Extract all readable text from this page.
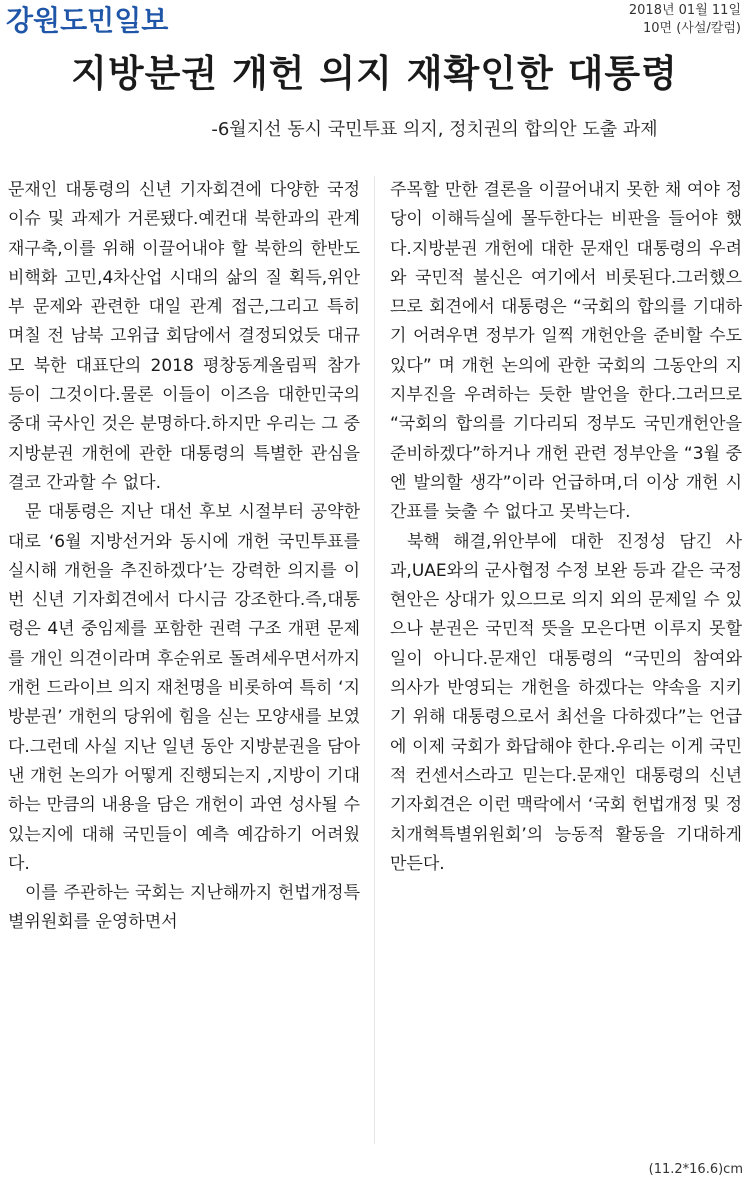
강원도민일보	2018년 01월 11일
10면 (사설/칼럼)
지방분권 개헌 의지 재확인한 대통령
-6월지선 동시 국민투표 의지, 정치권의 합의안 도출 과제

문재인 대통령의 신년 기자회견에 다양한 국정 이슈 및 과제가 거론됐다.예컨대 북한과의 관계 재구축,이를 위해 이끌어내야 할 북한의 한반도 비핵화 고민,4차산업 시대의 삶의 질 획득,위안부 문제와 관련한 대일 관계 접근,그리고 특히 며칠 전 남북 고위급 회담에서 결정되었듯 대규모 북한 대표단의 2018 평창동계올림픽 참가 등이 그것이다.물론 이들이 이즈음 대한민국의 중대 국사인 것은 분명하다.하지만 우리는 그 중 지방분권 개헌에 관한 대통령의 특별한 관심을 결코 간과할 수 없다.

문 대통령은 지난 대선 후보 시절부터 공약한 대로 ‘6월 지방선거와 동시에 개헌 국민투표를 실시해 개헌을 추진하겠다’는 강력한 의지를 이번 신년 기자회견에서 다시금 강조한다.즉,대통령은 4년 중임제를 포함한 권력 구조 개편 문제를 개인 의견이라며 후순위로 돌려세우면서까지 개헌 드라이브 의지 재천명을 비롯하여 특히 ‘지방분권’ 개헌의 당위에 힘을 싣는 모양새를 보였다.그런데 사실 지난 일년 동안 지방분권을 담아낸 개헌 논의가 어떻게 진행되는지 ,지방이 기대하는 만큼의 내용을 담은 개헌이 과연 성사될 수 있는지에 대해 국민들이 예측 예감하기 어려웠다.

이를 주관하는 국회는 지난해까지 헌법개정특별위원회를 운영하면서

주목할 만한 결론을 이끌어내지 못한 채 여야 정당이 이해득실에 몰두한다는 비판을 들어야 했다.지방분권 개헌에 대한 문재인 대통령의 우려와 국민적 불신은 여기에서 비롯된다.그러했으므로 회견에서 대통령은 “국회의 합의를 기대하기 어려우면 정부가 일찍 개헌안을 준비할 수도 있다” 며 개헌 논의에 관한 국회의 그동안의 지지부진을 우려하는 듯한 발언을 한다.그러므로 “국회의 합의를 기다리되 정부도 국민개헌안을 준비하겠다”하거나 개헌 관련 정부안을 “3월 중엔 발의할 생각”이라 언급하며,더 이상 개헌 시간표를 늦출 수 없다고 못박는다.

북핵 해결,위안부에 대한 진정성 담긴 사과,UAE와의 군사협정 수정 보완 등과 같은 국정 현안은 상대가 있으므로 의지 외의 문제일 수 있으나 분권은 국민적 뜻을 모은다면 이루지 못할 일이 아니다.문재인 대통령의 “국민의 참여와 의사가 반영되는 개헌을 하겠다는 약속을 지키기 위해 대통령으로서 최선을 다하겠다”는 언급에 이제 국회가 화답해야 한다.우리는 이게 국민적 컨센서스라고 믿는다.문재인 대통령의 신년 기자회견은 이런 맥락에서 ‘국회 헌법개정 및 정치개혁특별위원회’의 능동적 활동을 기대하게 만든다.

(11.2*16.6)cm
